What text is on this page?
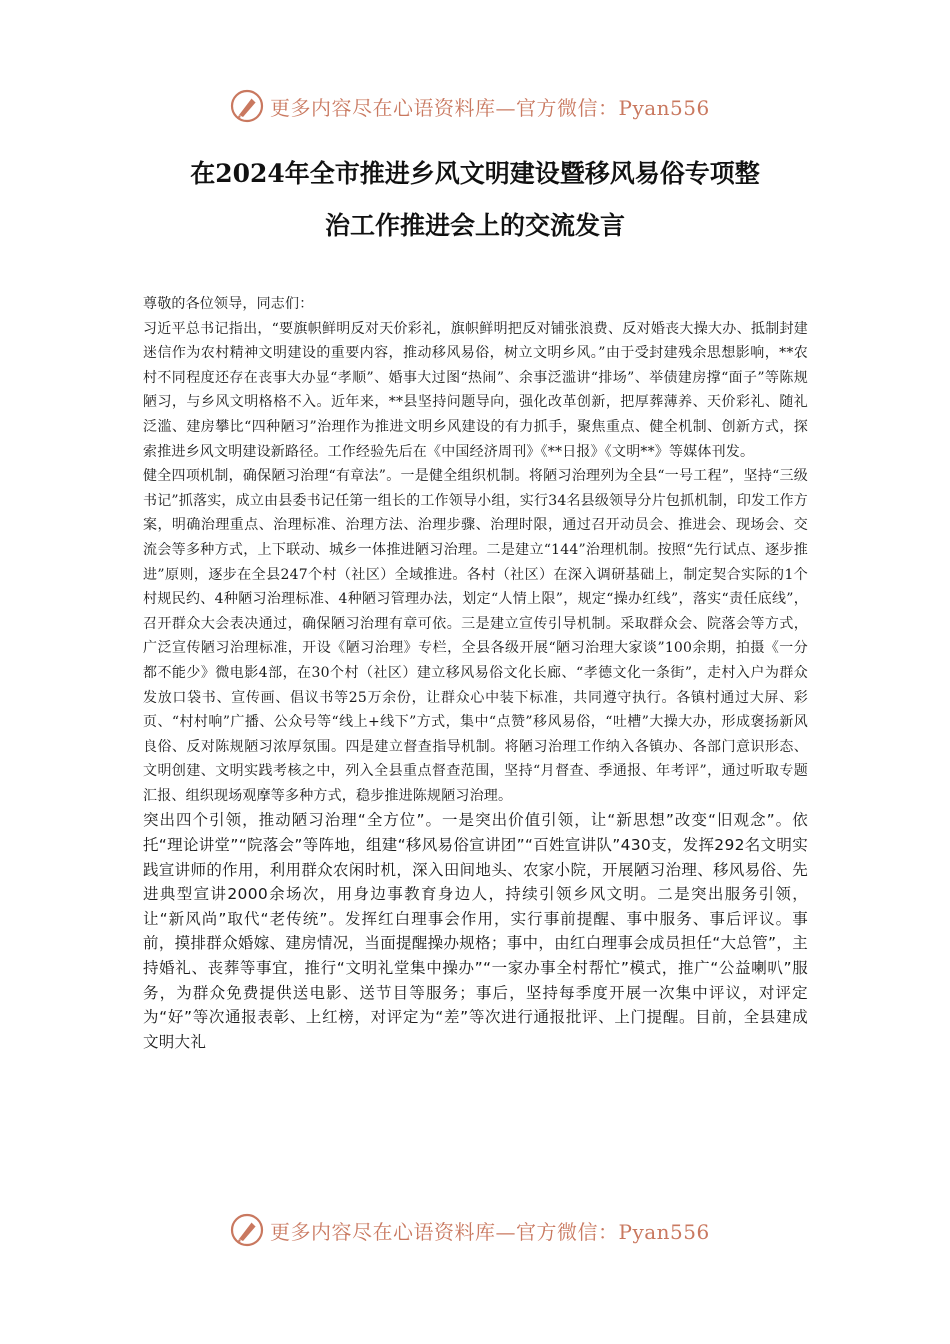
更多内容尽在心语资料库—官方微信：Pyan556
在2024年全市推进乡风文明建设暨移风易俗专项整
治工作推进会上的交流发言

尊敬的各位领导，同志们：

习近平总书记指出，“要旗帜鲜明反对天价彩礼，旗帜鲜明把反对铺张浪费、反对婚丧大操大办、抵制封建迷信作为农村精神文明建设的重要内容，推动移风易俗，树立文明乡风。”由于受封建残余思想影响，**农村不同程度还存在丧事大办显“孝顺”、婚事大过图“热闹”、余事泛滥讲“排场”、举债建房撑“面子”等陈规陋习，与乡风文明格格不入。近年来，**县坚持问题导向，强化改革创新，把厚葬薄养、天价彩礼、随礼泛滥、建房攀比“四种陋习”治理作为推进文明乡风建设的有力抓手，聚焦重点、健全机制、创新方式，探索推进乡风文明建设新路径。工作经验先后在《中国经济周刊》《**日报》《文明**》等媒体刊发。

健全四项机制，确保陋习治理“有章法”。一是健全组织机制。将陋习治理列为全县“一号工程”，坚持“三级书记”抓落实，成立由县委书记任第一组长的工作领导小组，实行34名县级领导分片包抓机制，印发工作方案，明确治理重点、治理标准、治理方法、治理步骤、治理时限，通过召开动员会、推进会、现场会、交流会等多种方式，上下联动、城乡一体推进陋习治理。二是建立“144”治理机制。按照“先行试点、逐步推进”原则，逐步在全县247个村（社区）全域推进。各村（社区）在深入调研基础上，制定契合实际的1个村规民约、4种陋习治理标准、4种陋习管理办法，划定“人情上限”，规定“操办红线”，落实“责任底线”，召开群众大会表决通过，确保陋习治理有章可依。三是建立宣传引导机制。采取群众会、院落会等方式，广泛宣传陋习治理标准，开设《陋习治理》专栏，全县各级开展“陋习治理大家谈”100余期，拍摄《一分都不能少》微电影4部，在30个村（社区）建立移风易俗文化长廊、“孝德文化一条街”，走村入户为群众发放口袋书、宣传画、倡议书等25万余份，让群众心中装下标准，共同遵守执行。各镇村通过大屏、彩页、“村村响”广播、公众号等“线上+线下”方式，集中“点赞”移风易俗，“吐槽”大操大办，形成褒扬新风良俗、反对陈规陋习浓厚氛围。四是建立督查指导机制。将陋习治理工作纳入各镇办、各部门意识形态、文明创建、文明实践考核之中，列入全县重点督查范围，坚持“月督查、季通报、年考评”，通过听取专题汇报、组织现场观摩等多种方式，稳步推进陈规陋习治理。

突出四个引领，推动陋习治理“全方位”。一是突出价值引领，让“新思想”改变“旧观念”。依托“理论讲堂”“院落会”等阵地，组建“移风易俗宣讲团”“百姓宣讲队”430支，发挥292名文明实践宣讲师的作用，利用群众农闲时机，深入田间地头、农家小院，开展陋习治理、移风易俗、先进典型宣讲2000余场次，用身边事教育身边人，持续引领乡风文明。二是突出服务引领，让“新风尚”取代“老传统”。发挥红白理事会作用，实行事前提醒、事中服务、事后评议。事前，摸排群众婚嫁、建房情况，当面提醒操办规格；事中，由红白理事会成员担任“大总管”，主持婚礼、丧葬等事宜，推行“文明礼堂集中操办”“一家办事全村帮忙”模式，推广“公益喇叭”服务，为群众免费提供送电影、送节目等服务；事后，坚持每季度开展一次集中评议，对评定为“好”等次通报表彰、上红榜，对评定为“差”等次进行通报批评、上门提醒。目前，全县建成文明大礼

更多内容尽在心语资料库—官方微信：Pyan556
